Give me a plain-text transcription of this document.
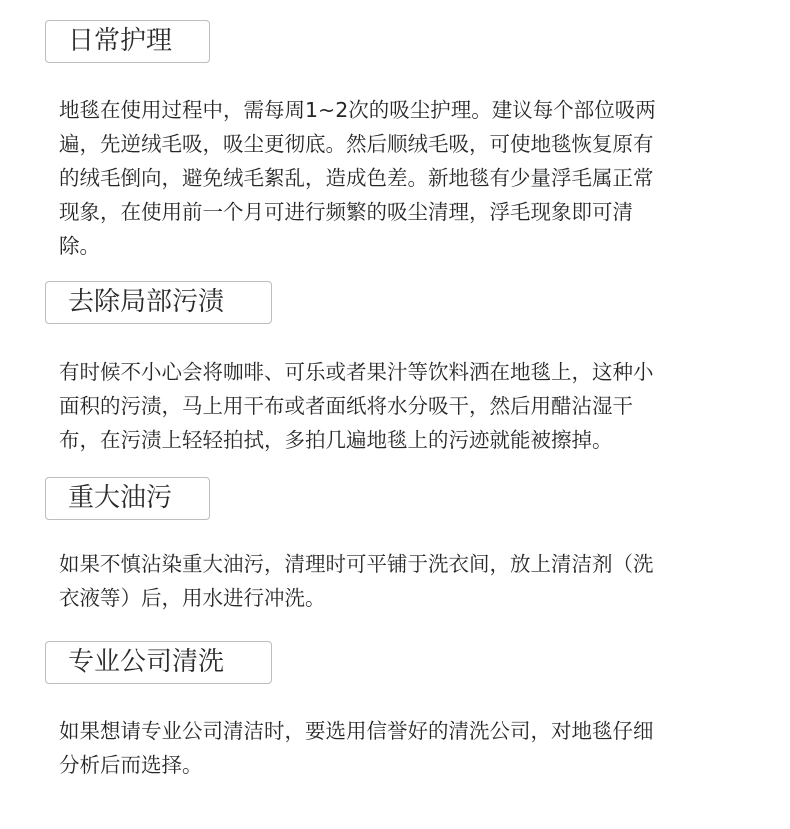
日常护理
地毯在使用过程中，需每周1~2次的吸尘护理。建议每个部位吸两
遍，先逆绒毛吸，吸尘更彻底。然后顺绒毛吸，可使地毯恢复原有
的绒毛倒向，避免绒毛絮乱，造成色差。新地毯有少量浮毛属正常
现象，在使用前一个月可进行频繁的吸尘清理，浮毛现象即可清
除。
去除局部污渍
有时候不小心会将咖啡、可乐或者果汁等饮料洒在地毯上，这种小
面积的污渍，马上用干布或者面纸将水分吸干，然后用醋沾湿干
布，在污渍上轻轻拍拭，多拍几遍地毯上的污迹就能被擦掉。
重大油污
如果不慎沾染重大油污，清理时可平铺于洗衣间，放上清洁剂（洗
衣液等）后，用水进行冲洗。
专业公司清洗
如果想请专业公司清洁时，要选用信誉好的清洗公司，对地毯仔细
分析后而选择。
